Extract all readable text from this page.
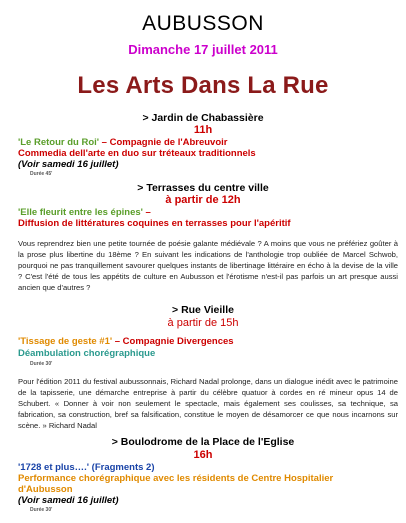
AUBUSSON
Dimanche 17 juillet 2011
Les Arts Dans La Rue
> Jardin de Chabassière
11h
'Le Retour du Roi' – Compagnie de l'Abreuvoir
Commedia dell'arte en duo sur tréteaux traditionnels
(Voir samedi 16 juillet)
Durée 45'
> Terrasses du centre ville
à partir de 12h
'Elle fleurit entre les épines' –
Diffusion de littératures coquines en terrasses pour l'apéritif
Vous reprendrez bien une petite tournée de poésie galante médiévale ? A moins que vous ne préfériez goûter à la prose plus libertine du 18ème ? En suivant les indications de l'anthologie trop oubliée de Marcel Schwob, pourquoi ne pas tranquillement savourer quelques instants de libertinage littéraire en écho à la devise de la ville ? C'est l'été de tous les appétits de culture en Aubusson et l'érotisme n'est-il pas parfois un art presque aussi ancien que d'autres ?
> Rue Vieille
à partir de 15h
'Tissage de geste #1' – Compagnie Divergences
Déambulation chorégraphique
Durée 30'
Pour l'édition 2011 du festival aubussonnais, Richard Nadal prolonge, dans un dialogue inédit avec le patrimoine de la tapisserie, une démarche entreprise à partir du célèbre quatuor à cordes en ré mineur opus 14 de Schubert. « Donner à voir non seulement le spectacle, mais également ses coulisses, sa technique, sa fabrication, sa construction, bref sa falsification, constitue le moyen de désamorcer ce que nous incarnons sur scène. » Richard Nadal
> Boulodrome de la Place de l'Eglise
16h
'1728 et plus….' (Fragments 2)
Performance chorégraphique avec les résidents de Centre Hospitalier d'Aubusson
(Voir samedi 16 juillet)
Durée 30'
